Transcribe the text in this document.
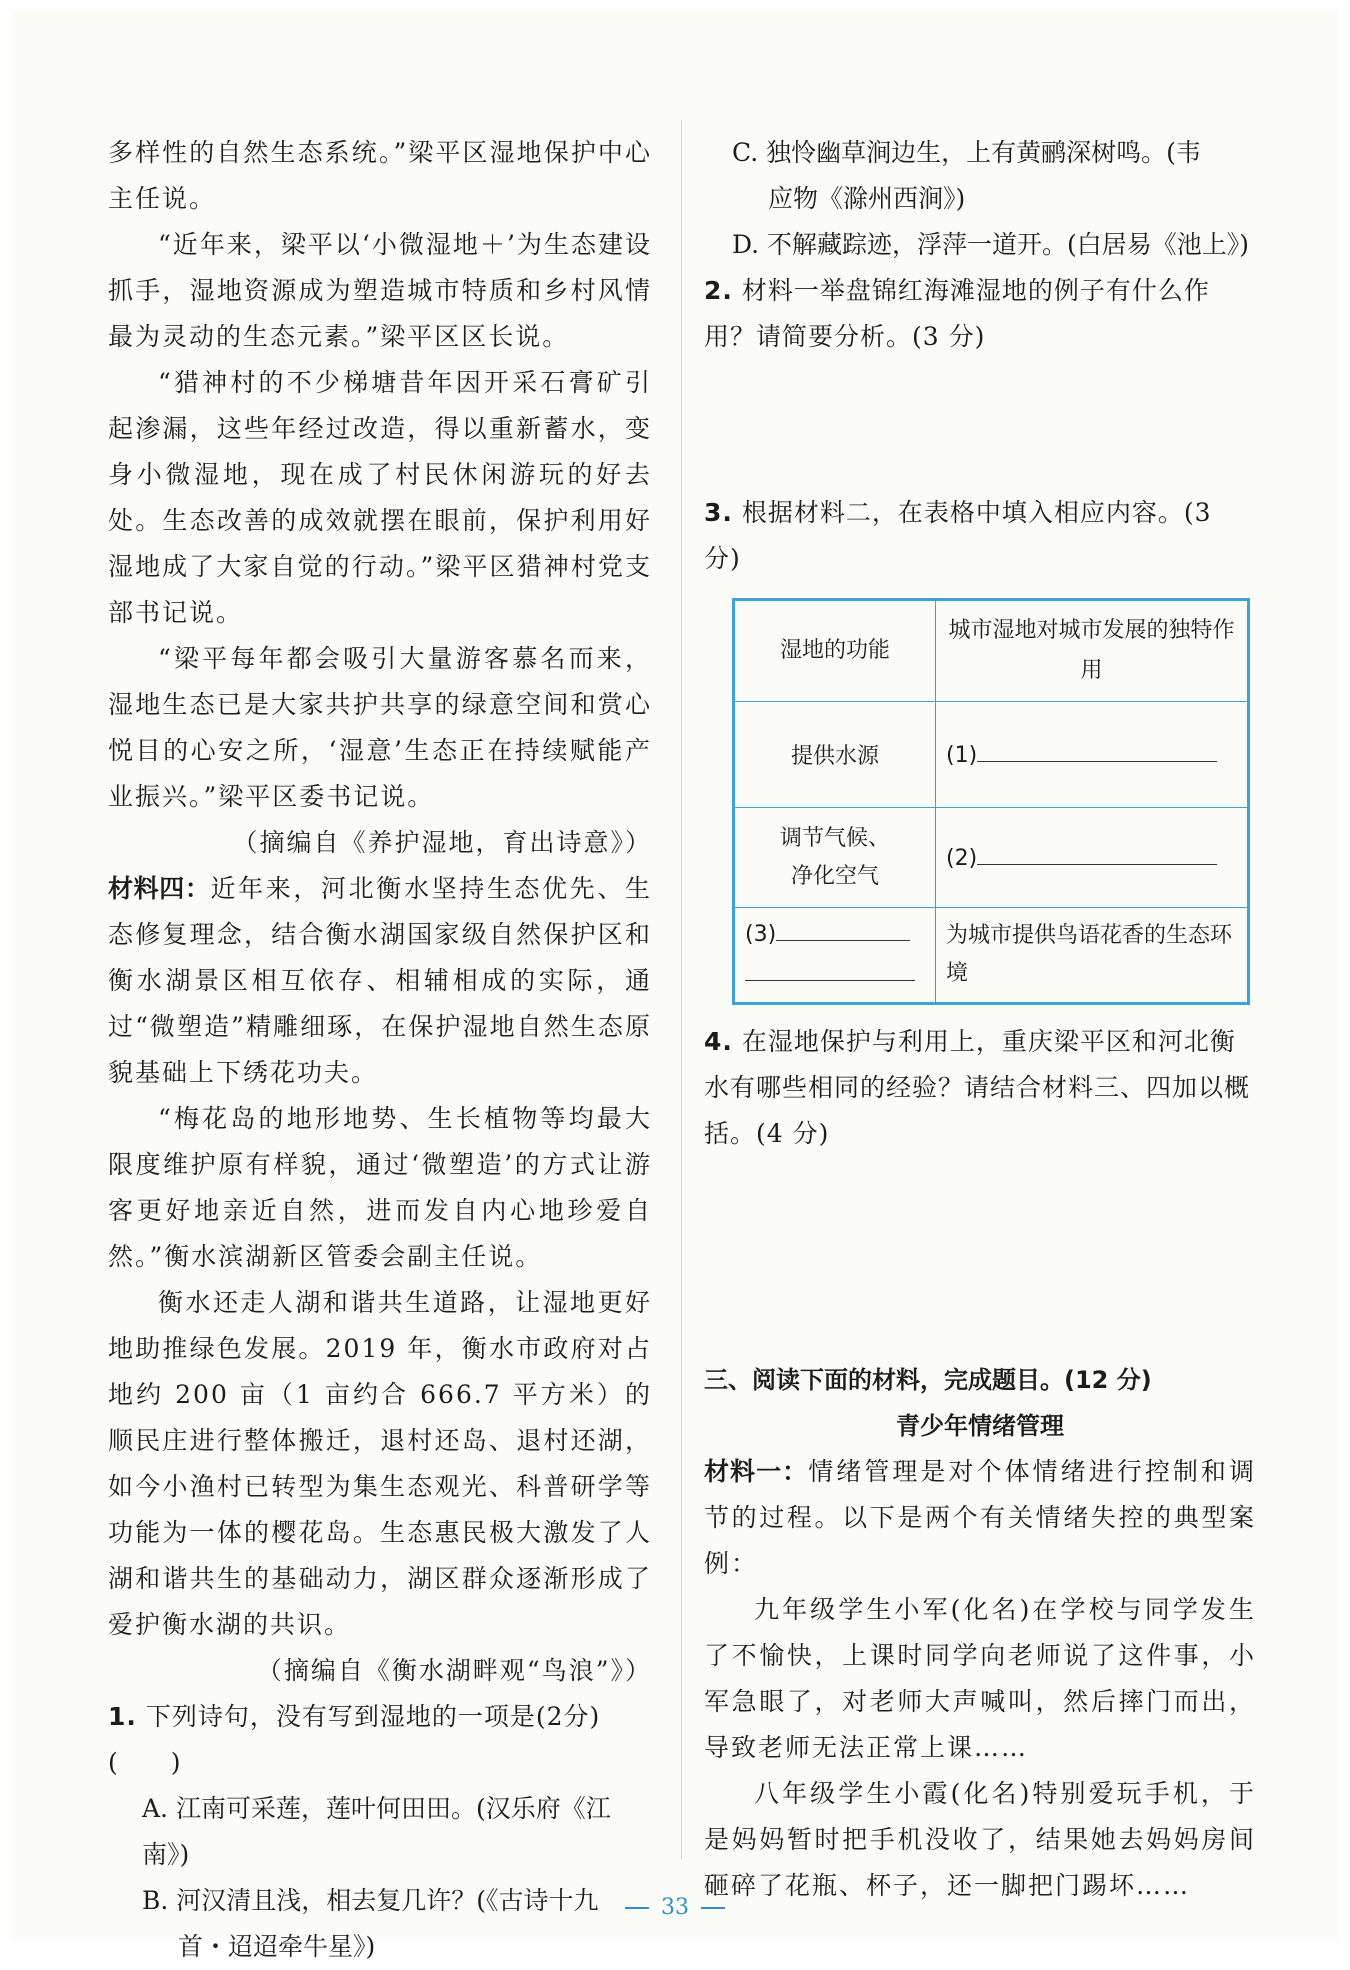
多样性的自然生态系统。”梁平区湿地保护中心主任说。

“近年来，梁平以‘小微湿地＋’为生态建设抓手，湿地资源成为塑造城市特质和乡村风情最为灵动的生态元素。”梁平区区长说。

“猎神村的不少梯塘昔年因开采石膏矿引起渗漏，这些年经过改造，得以重新蓄水，变身小微湿地，现在成了村民休闲游玩的好去处。生态改善的成效就摆在眼前，保护利用好湿地成了大家自觉的行动。”梁平区猎神村党支部书记说。

“梁平每年都会吸引大量游客慕名而来，湿地生态已是大家共护共享的绿意空间和赏心悦目的心安之所，‘湿意’生态正在持续赋能产业振兴。”梁平区委书记说。

（摘编自《养护湿地，育出诗意》）

材料四：近年来，河北衡水坚持生态优先、生态修复理念，结合衡水湖国家级自然保护区和衡水湖景区相互依存、相辅相成的实际，通过“微塑造”精雕细琢，在保护湿地自然生态原貌基础上下绣花功夫。

“梅花岛的地形地势、生长植物等均最大限度维护原有样貌，通过‘微塑造’的方式让游客更好地亲近自然，进而发自内心地珍爱自然。”衡水滨湖新区管委会副主任说。

衡水还走人湖和谐共生道路，让湿地更好地助推绿色发展。2019 年，衡水市政府对占地约 200 亩（1 亩约合 666.7 平方米）的顺民庄进行整体搬迁，退村还岛、退村还湖，如今小渔村已转型为集生态观光、科普研学等功能为一体的樱花岛。生态惠民极大激发了人湖和谐共生的基础动力，湖区群众逐渐形成了爱护衡水湖的共识。

（摘编自《衡水湖畔观“鸟浪”》）

1. 下列诗句，没有写到湿地的一项是(2分)(　　)
A. 江南可采莲，莲叶何田田。(汉乐府《江南》)
B. 河汉清且浅，相去复几许？(《古诗十九
首・迢迢牵牛星》)
C. 独怜幽草涧边生，上有黄鹂深树鸣。(韦
应物《滁州西涧》)
D. 不解藏踪迹，浮萍一道开。(白居易《池上》)
2. 材料一举盘锦红海滩湿地的例子有什么作用？请简要分析。(3 分)
3. 根据材料二，在表格中填入相应内容。(3 分)
湿地的功能	城市湿地对城市发展的独特作用
提供水源	(1)
调节气候、
净化空气	(2)
(3)	为城市提供鸟语花香的生态环境
4. 在湿地保护与利用上，重庆梁平区和河北衡水有哪些相同的经验？请结合材料三、四加以概括。(4 分)

三、阅读下面的材料，完成题目。(12 分)

青少年情绪管理

材料一：情绪管理是对个体情绪进行控制和调节的过程。以下是两个有关情绪失控的典型案例：

九年级学生小军(化名)在学校与同学发生了不愉快，上课时同学向老师说了这件事，小军急眼了，对老师大声喊叫，然后摔门而出，导致老师无法正常上课……

八年级学生小霞(化名)特别爱玩手机，于是妈妈暂时把手机没收了，结果她去妈妈房间砸碎了花瓶、杯子，还一脚把门踢坏……

33
